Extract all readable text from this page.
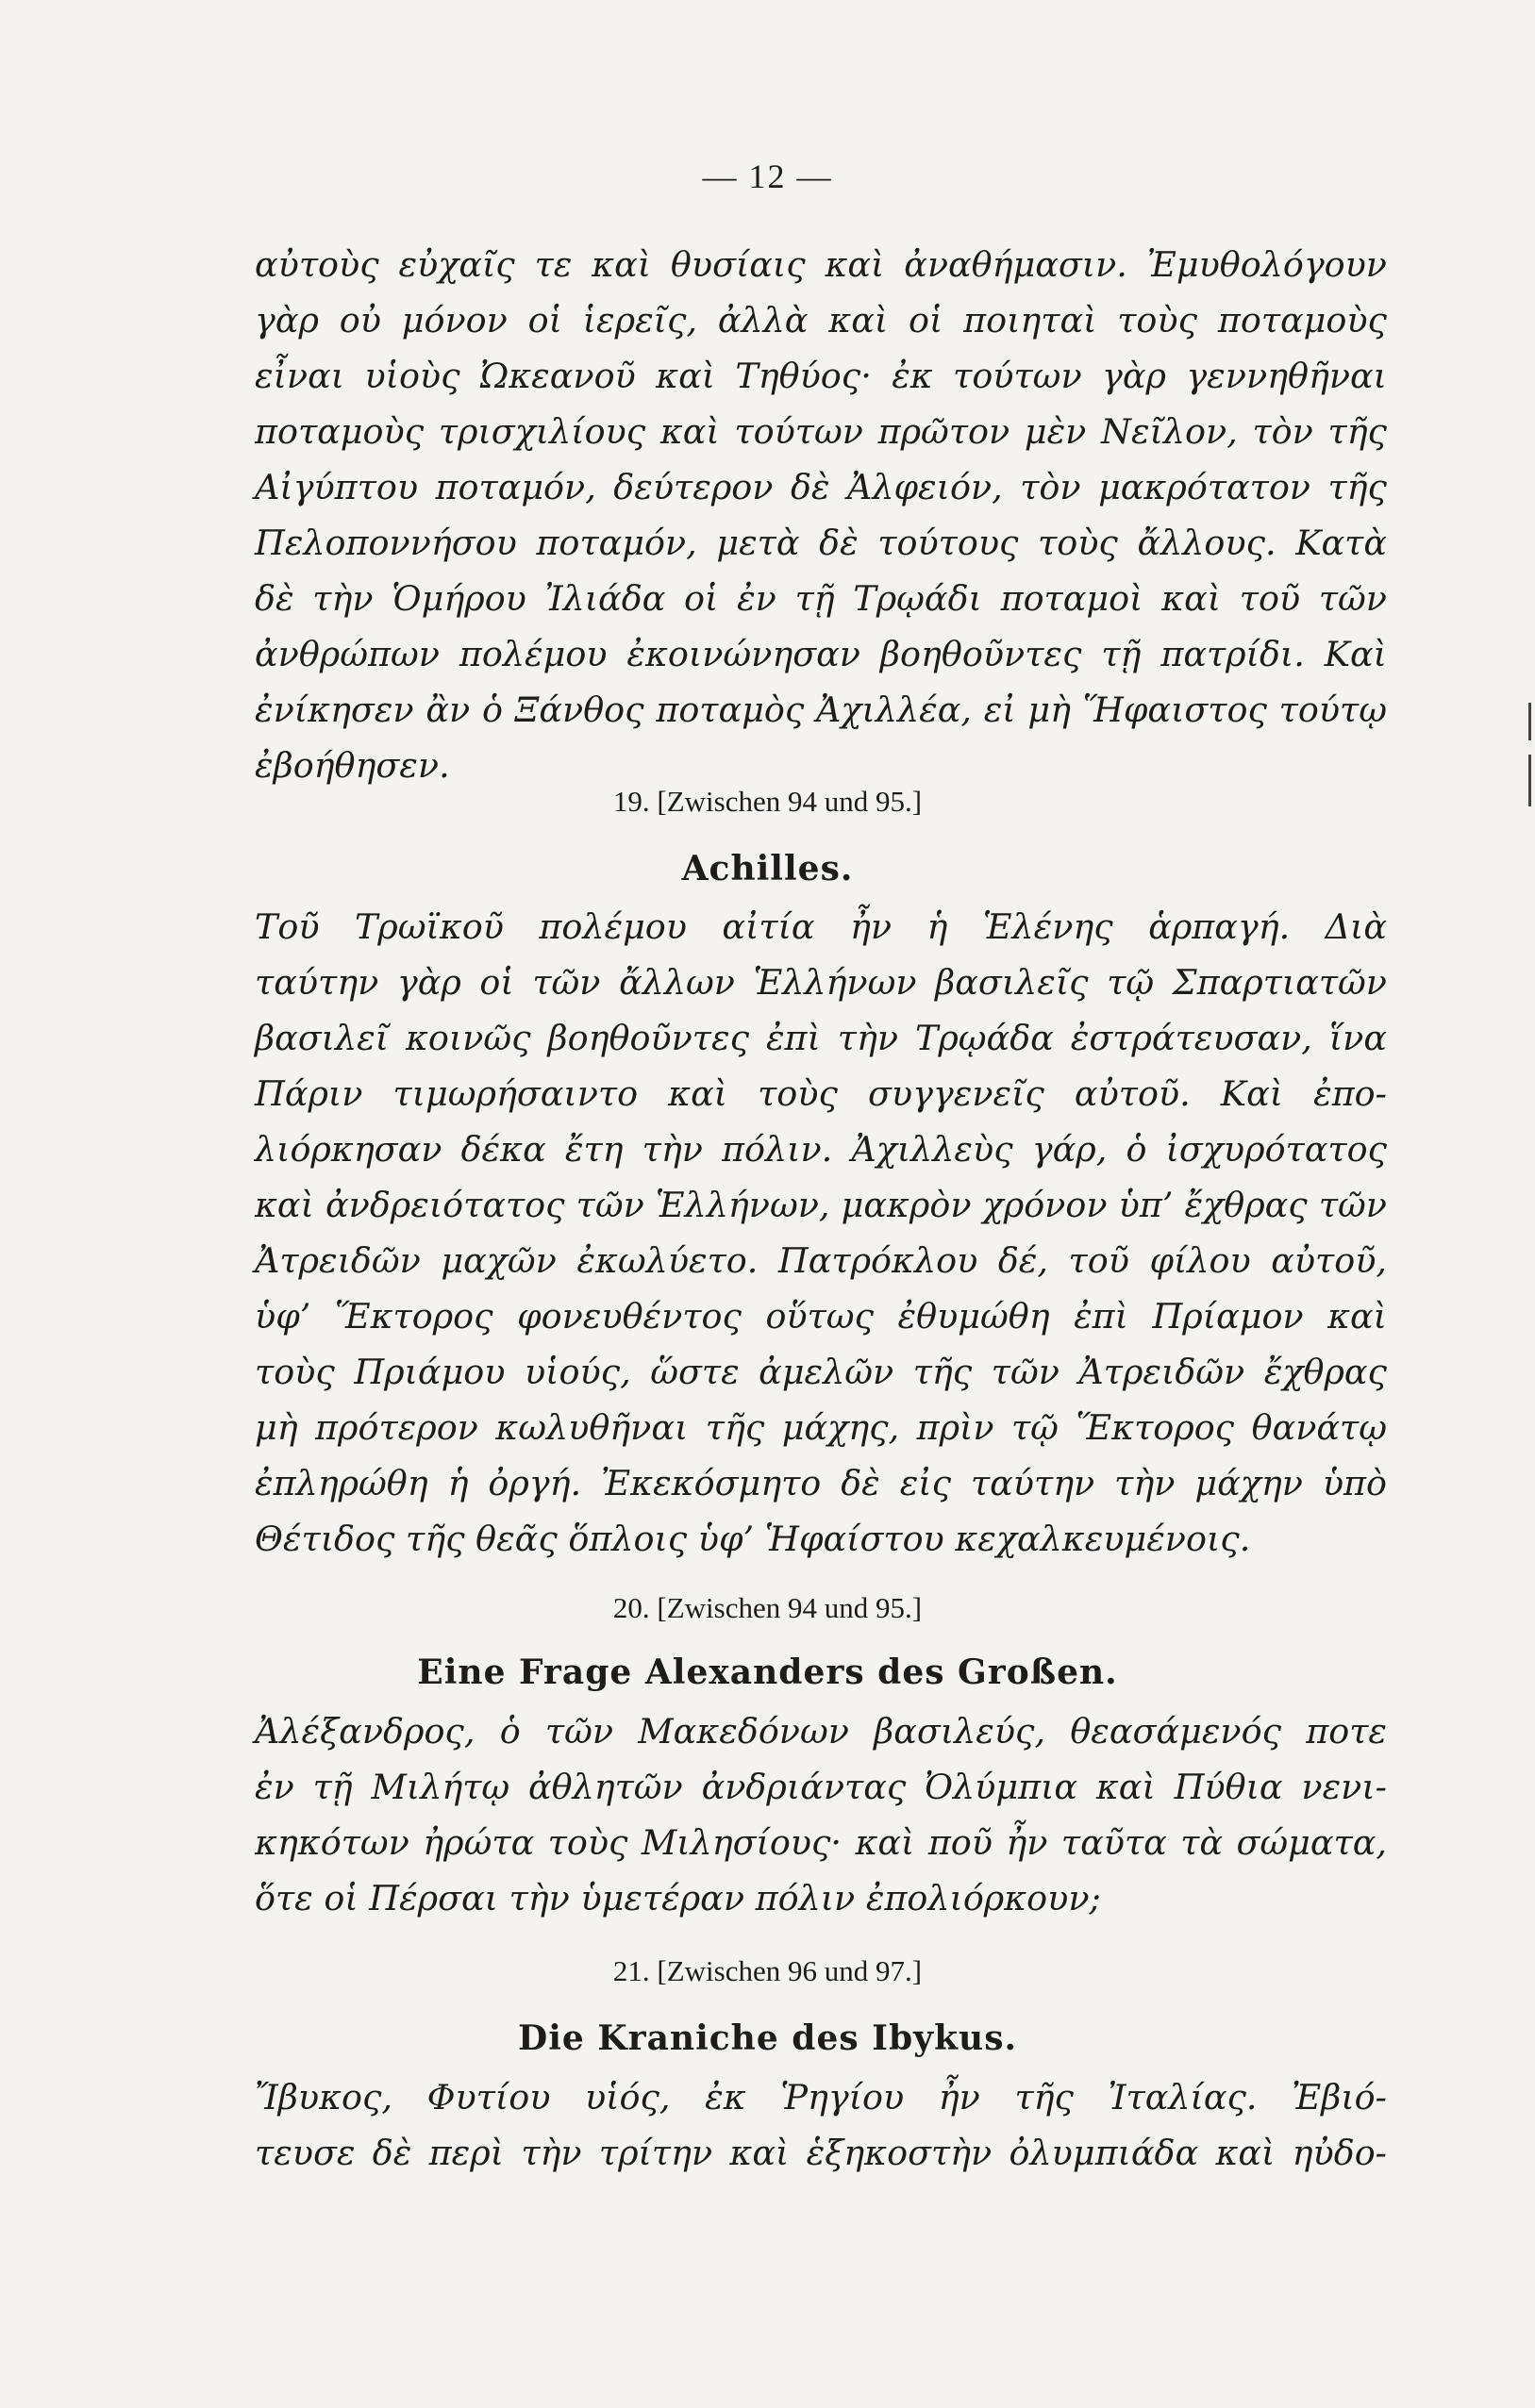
— 12 —

αὐτοὺς εὐχαῖς τε καὶ θυσίαις καὶ ἀναθήμασιν. Ἐμυθολόγουν

γὰρ οὐ μόνον οἱ ἱερεῖς, ἀλλὰ καὶ οἱ ποιηταὶ τοὺς ποταμοὺς

εἶναι υἱοὺς Ὠκεανοῦ καὶ Τηθύος· ἐκ τούτων γὰρ γεννηθῆναι

ποταμοὺς τρισχιλίους καὶ τούτων πρῶτον μὲν Νεῖλον, τὸν τῆς

Αἰγύπτου ποταμόν, δεύτερον δὲ Ἀλφειόν, τὸν μακρότατον τῆς

Πελοποννήσου ποταμόν, μετὰ δὲ τούτους τοὺς ἄλλους. Κατὰ

δὲ τὴν Ὁμήρου Ἰλιάδα οἱ ἐν τῇ Τρῳάδι ποταμοὶ καὶ τοῦ τῶν

ἀνθρώπων πολέμου ἐκοινώνησαν βοηθοῦντες τῇ πατρίδι. Καὶ

ἐνίκησεν ἂν ὁ Ξάνθος ποταμὸς Ἀχιλλέα, εἰ μὴ Ἥφαιστος τούτῳ

ἐβοήθησεν.

19. [Zwischen 94 und 95.]
Achilles.

Τοῦ Τρωϊκοῦ πολέμου αἰτία ἦν ἡ Ἑλένης ἁρπαγή. Διὰ

ταύτην γὰρ οἱ τῶν ἄλλων Ἑλλήνων βασιλεῖς τῷ Σπαρτιατῶν

βασιλεῖ κοινῶς βοηθοῦντες ἐπὶ τὴν Τρῳάδα ἐστράτευσαν, ἵνα

Πάριν τιμωρήσαιντο καὶ τοὺς συγγενεῖς αὐτοῦ. Καὶ ἐπο-

λιόρκησαν δέκα ἔτη τὴν πόλιν. Ἀχιλλεὺς γάρ, ὁ ἰσχυρότατος

καὶ ἀνδρειότατος τῶν Ἑλλήνων, μακρὸν χρόνον ὑπ’ ἔχθρας τῶν

Ἀτρειδῶν μαχῶν ἐκωλύετο. Πατρόκλου δέ, τοῦ φίλου αὐτοῦ,

ὑφ’ Ἕκτορος φονευθέντος οὕτως ἐθυμώθη ἐπὶ Πρίαμον καὶ

τοὺς Πριάμου υἱούς, ὥστε ἀμελῶν τῆς τῶν Ἀτρειδῶν ἔχθρας

μὴ πρότερον κωλυθῆναι τῆς μάχης, πρὶν τῷ Ἕκτορος θανάτῳ

ἐπληρώθη ἡ ὀργή. Ἐκεκόσμητο δὲ εἰς ταύτην τὴν μάχην ὑπὸ

Θέτιδος τῆς θεᾶς ὅπλοις ὑφ’ Ἡφαίστου κεχαλκευμένοις.

20. [Zwischen 94 und 95.]
Eine Frage Alexanders des Großen.

Ἀλέξανδρος, ὁ τῶν Μακεδόνων βασιλεύς, θεασάμενός ποτε

ἐν τῇ Μιλήτῳ ἀθλητῶν ἀνδριάντας Ὀλύμπια καὶ Πύθια νενι-

κηκότων ἠρώτα τοὺς Μιλησίους· καὶ ποῦ ἦν ταῦτα τὰ σώματα,

ὅτε οἱ Πέρσαι τὴν ὑμετέραν πόλιν ἐπολιόρκουν;

21. [Zwischen 96 und 97.]
Die Kraniche des Ibykus.

Ἴβυκος, Φυτίου υἱός, ἐκ Ῥηγίου ἦν τῆς Ἰταλίας. Ἐβιό-

τευσε δὲ περὶ τὴν τρίτην καὶ ἑξηκοστὴν ὀλυμπιάδα καὶ ηὐδο-
